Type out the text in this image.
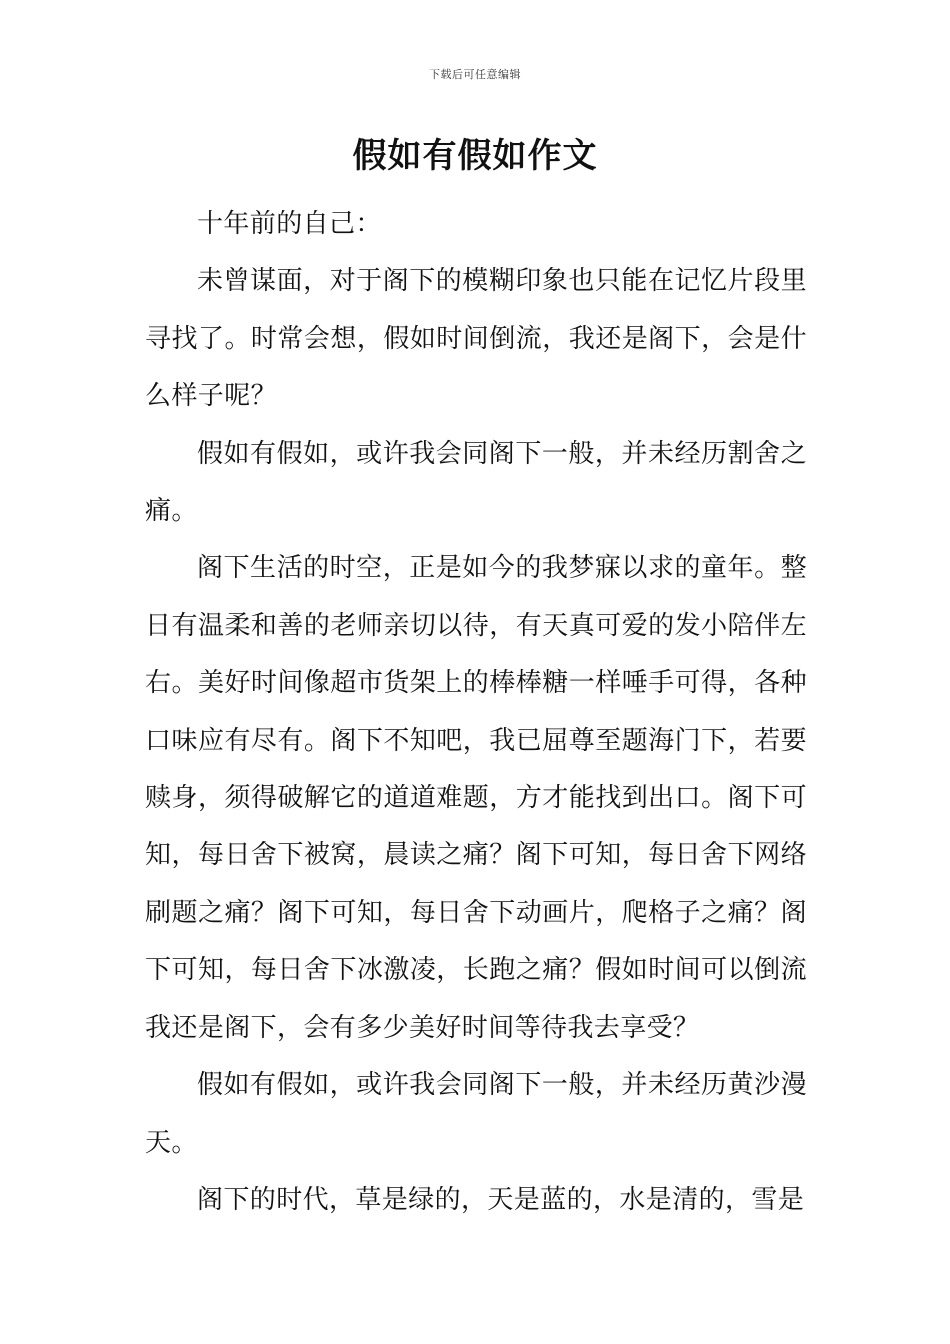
下载后可任意编辑
假如有假如作文

十年前的自己：

未曾谋面，对于阁下的模糊印象也只能在记忆片段里寻找了。时常会想，假如时间倒流，我还是阁下，会是什么样子呢？

假如有假如，或许我会同阁下一般，并未经历割舍之痛。

阁下生活的时空，正是如今的我梦寐以求的童年。整日有温柔和善的老师亲切以待，有天真可爱的发小陪伴左右。美好时间像超市货架上的棒棒糖一样唾手可得，各种口味应有尽有。阁下不知吧，我已屈尊至题海门下，若要赎身，须得破解它的道道难题，方才能找到出口。阁下可知，每日舍下被窝，晨读之痛？阁下可知，每日舍下网络刷题之痛？阁下可知，每日舍下动画片，爬格子之痛？阁下可知，每日舍下冰激凌，长跑之痛？假如时间可以倒流我还是阁下，会有多少美好时间等待我去享受？

假如有假如，或许我会同阁下一般，并未经历黄沙漫天。

阁下的时代，草是绿的，天是蓝的，水是清的，雪是
